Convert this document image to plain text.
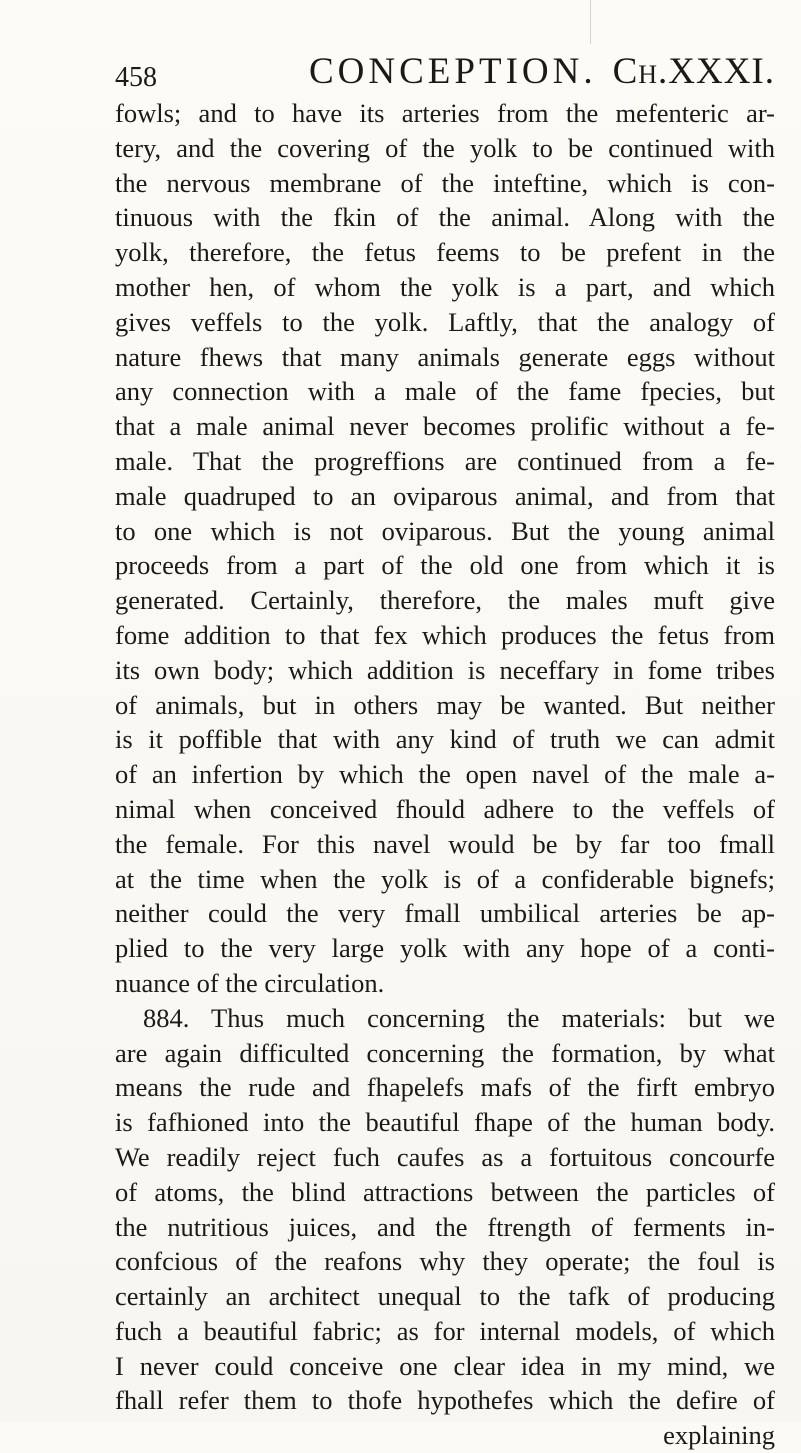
458	CONCEPTION. Ch.XXXI.
fowls; and to have its arteries from the mefenteric ar-
tery, and the covering of the yolk to be continued with
the nervous membrane of the inteftine, which is con-
tinuous with the fkin of the animal. Along with the
yolk, therefore, the fetus feems to be prefent in the
mother hen, of whom the yolk is a part, and which
gives veffels to the yolk. Laftly, that the analogy of
nature fhews that many animals generate eggs without
any connection with a male of the fame fpecies, but
that a male animal never becomes prolific without a fe-
male. That the progreffions are continued from a fe-
male quadruped to an oviparous animal, and from that
to one which is not oviparous. But the young animal
proceeds from a part of the old one from which it is
generated. Certainly, therefore, the males muft give
fome addition to that fex which produces the fetus from
its own body; which addition is neceffary in fome tribes
of animals, but in others may be wanted. But neither
is it poffible that with any kind of truth we can admit
of an infertion by which the open navel of the male a-
nimal when conceived fhould adhere to the veffels of
the female. For this navel would be by far too fmall
at the time when the yolk is of a confiderable bignefs;
neither could the very fmall umbilical arteries be ap-
plied to the very large yolk with any hope of a conti-
nuance of the circulation.
884. Thus much concerning the materials: but we
are again difficulted concerning the formation, by what
means the rude and fhapelefs mafs of the firft embryo
is fafhioned into the beautiful fhape of the human body.
We readily reject fuch caufes as a fortuitous concourfe
of atoms, the blind attractions between the particles of
the nutritious juices, and the ftrength of ferments in-
confcious of the reafons why they operate; the foul is
certainly an architect unequal to the tafk of producing
fuch a beautiful fabric; as for internal models, of which
I never could conceive one clear idea in my mind, we
fhall refer them to thofe hypothefes which the defire of
explaining
